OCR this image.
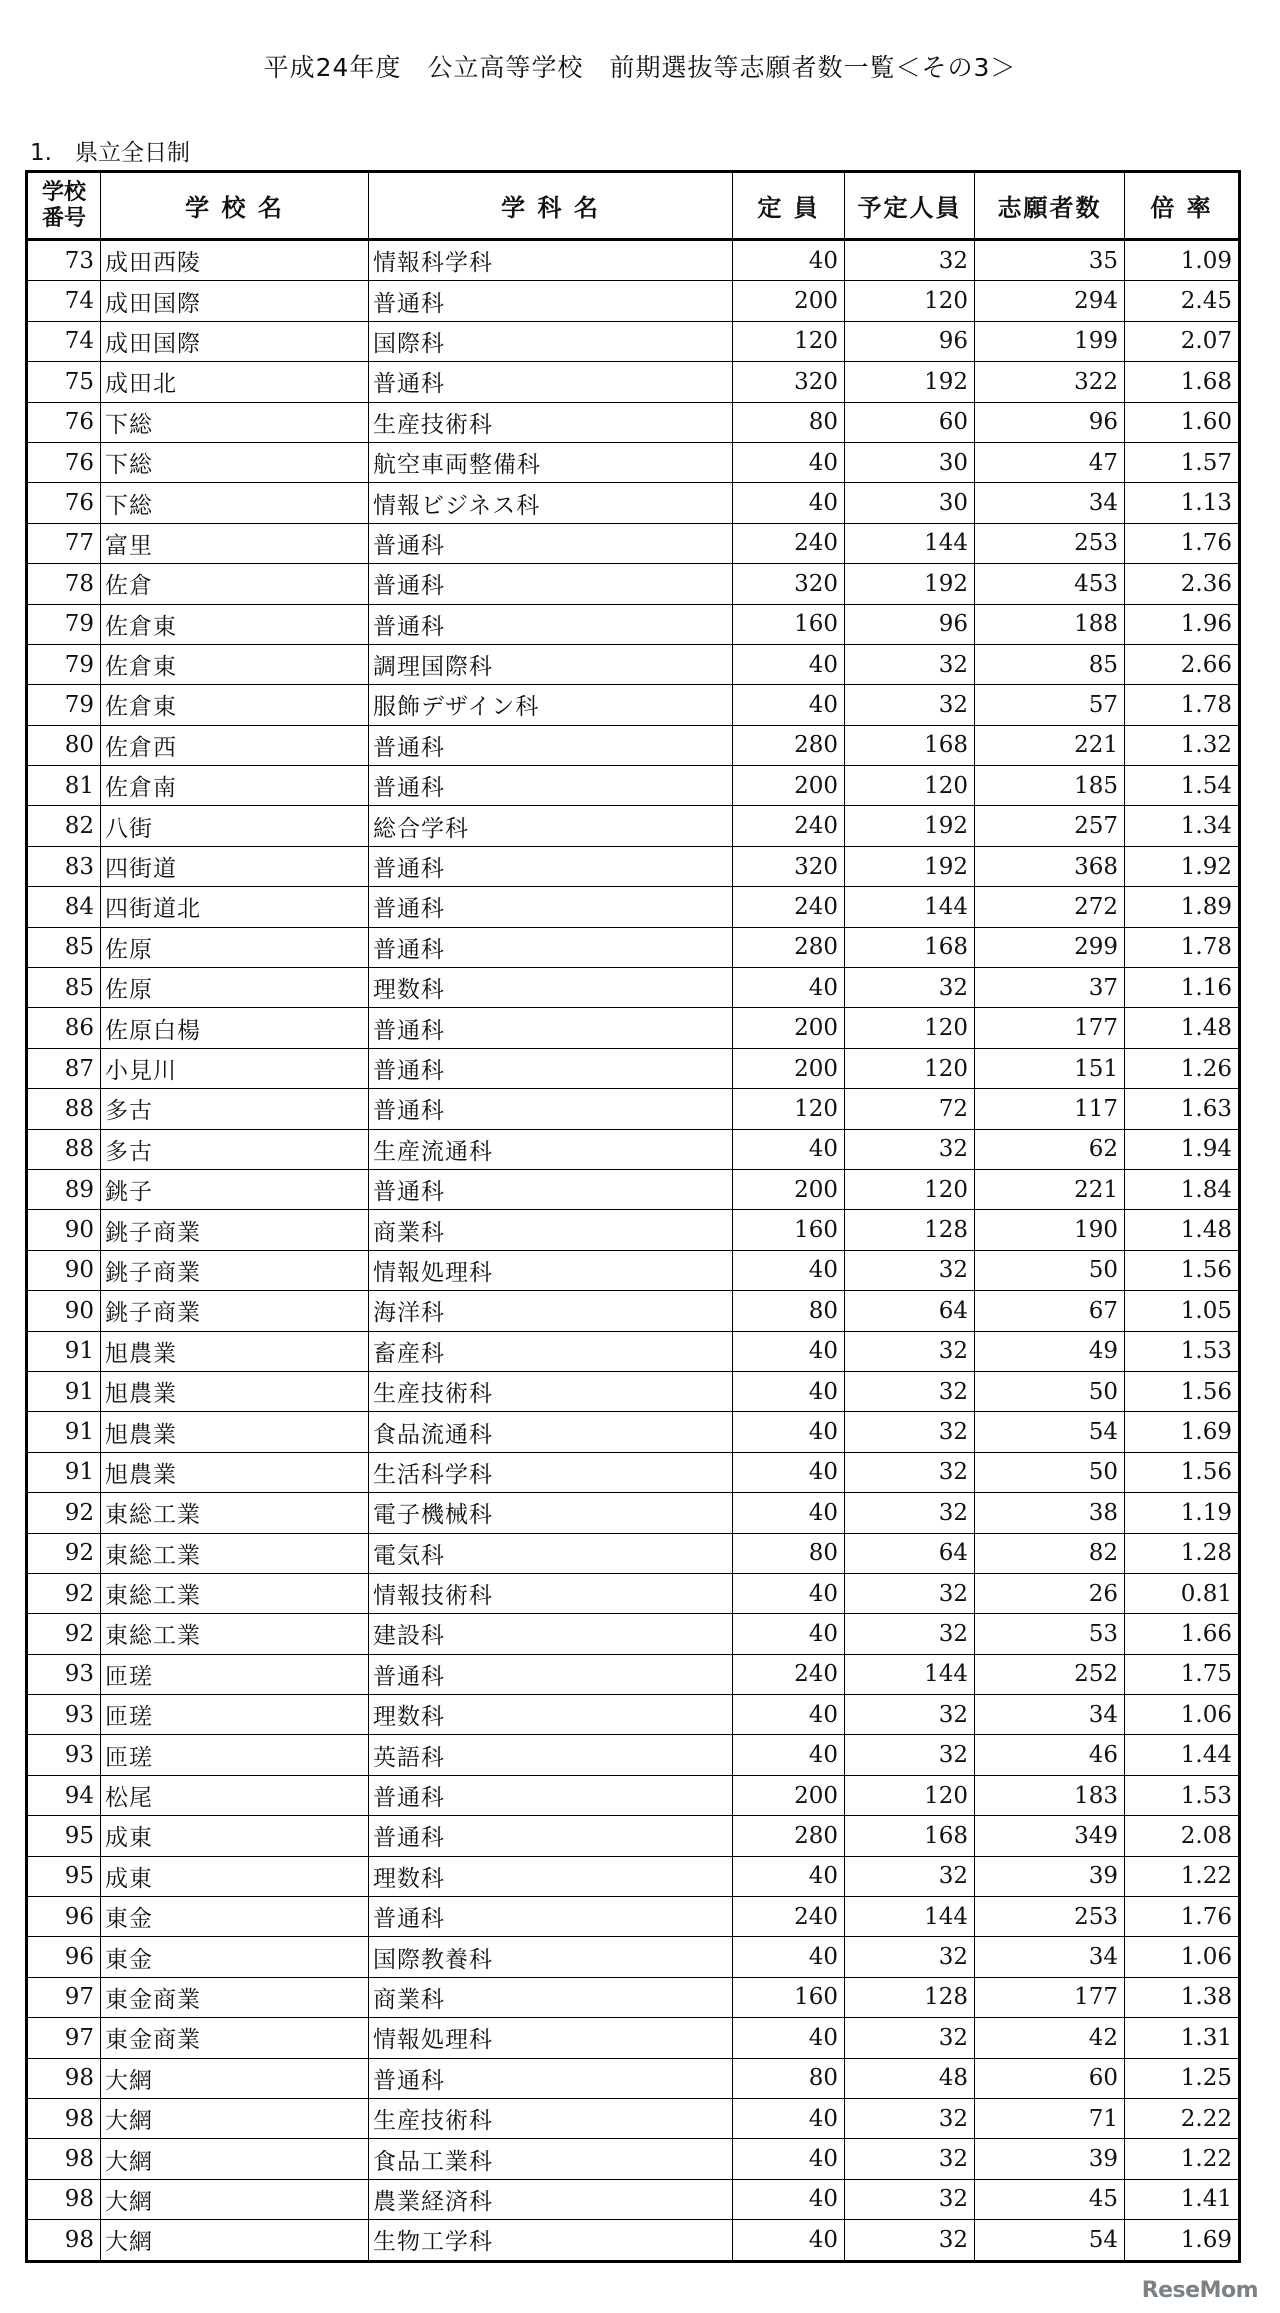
平成24年度　公立高等学校　前期選抜等志願者数一覧＜その3＞
1.　県立全日制
学校
番号	学 校 名	学 科 名	定 員	予定人員	志願者数	倍 率
73	成田西陵	情報科学科	40	32	35	1.09
74	成田国際	普通科	200	120	294	2.45
74	成田国際	国際科	120	96	199	2.07
75	成田北	普通科	320	192	322	1.68
76	下総	生産技術科	80	60	96	1.60
76	下総	航空車両整備科	40	30	47	1.57
76	下総	情報ビジネス科	40	30	34	1.13
77	富里	普通科	240	144	253	1.76
78	佐倉	普通科	320	192	453	2.36
79	佐倉東	普通科	160	96	188	1.96
79	佐倉東	調理国際科	40	32	85	2.66
79	佐倉東	服飾デザイン科	40	32	57	1.78
80	佐倉西	普通科	280	168	221	1.32
81	佐倉南	普通科	200	120	185	1.54
82	八街	総合学科	240	192	257	1.34
83	四街道	普通科	320	192	368	1.92
84	四街道北	普通科	240	144	272	1.89
85	佐原	普通科	280	168	299	1.78
85	佐原	理数科	40	32	37	1.16
86	佐原白楊	普通科	200	120	177	1.48
87	小見川	普通科	200	120	151	1.26
88	多古	普通科	120	72	117	1.63
88	多古	生産流通科	40	32	62	1.94
89	銚子	普通科	200	120	221	1.84
90	銚子商業	商業科	160	128	190	1.48
90	銚子商業	情報処理科	40	32	50	1.56
90	銚子商業	海洋科	80	64	67	1.05
91	旭農業	畜産科	40	32	49	1.53
91	旭農業	生産技術科	40	32	50	1.56
91	旭農業	食品流通科	40	32	54	1.69
91	旭農業	生活科学科	40	32	50	1.56
92	東総工業	電子機械科	40	32	38	1.19
92	東総工業	電気科	80	64	82	1.28
92	東総工業	情報技術科	40	32	26	0.81
92	東総工業	建設科	40	32	53	1.66
93	匝瑳	普通科	240	144	252	1.75
93	匝瑳	理数科	40	32	34	1.06
93	匝瑳	英語科	40	32	46	1.44
94	松尾	普通科	200	120	183	1.53
95	成東	普通科	280	168	349	2.08
95	成東	理数科	40	32	39	1.22
96	東金	普通科	240	144	253	1.76
96	東金	国際教養科	40	32	34	1.06
97	東金商業	商業科	160	128	177	1.38
97	東金商業	情報処理科	40	32	42	1.31
98	大網	普通科	80	48	60	1.25
98	大網	生産技術科	40	32	71	2.22
98	大網	食品工業科	40	32	39	1.22
98	大網	農業経済科	40	32	45	1.41
98	大網	生物工学科	40	32	54	1.69
ReseMom
